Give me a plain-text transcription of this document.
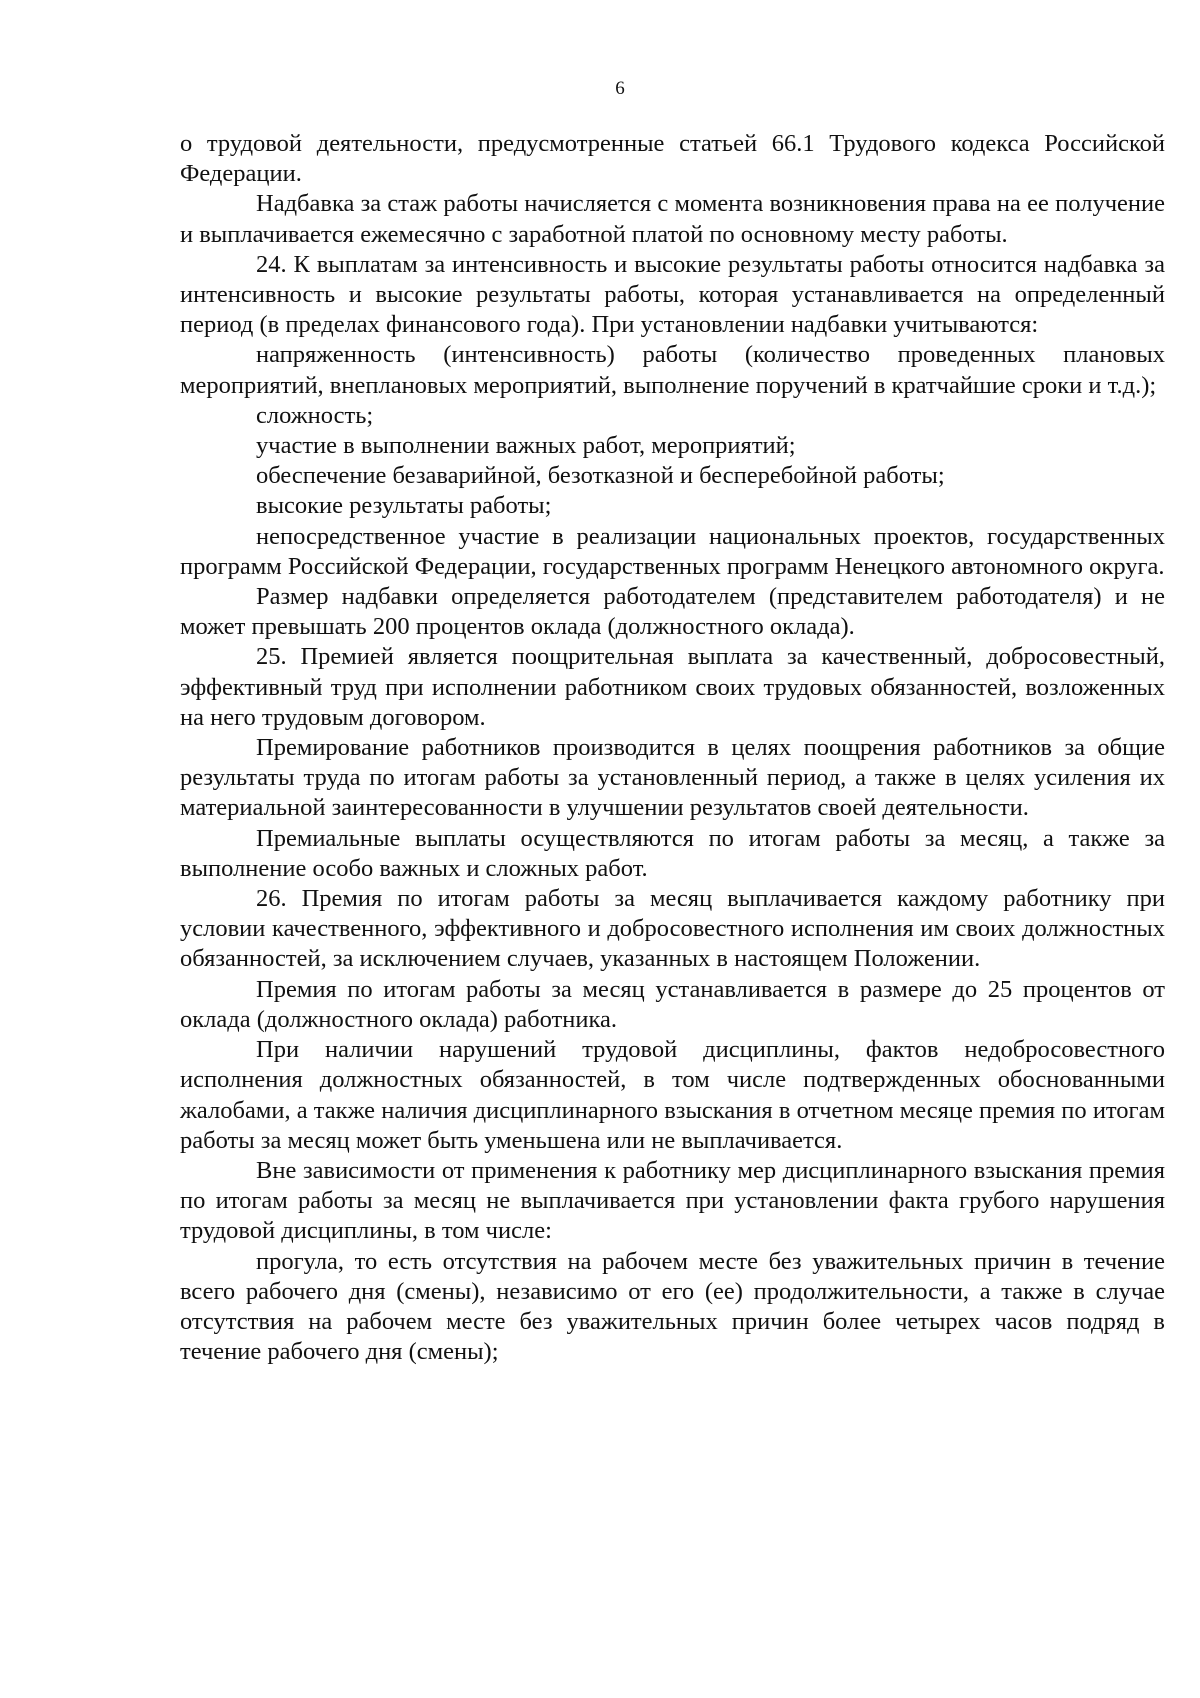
6

о трудовой деятельности, предусмотренные статьей 66.1 Трудового кодекса Российской Федерации.

Надбавка за стаж работы начисляется с момента возникновения права на ее получение и выплачивается ежемесячно с заработной платой по основному месту работы.

24. К выплатам за интенсивность и высокие результаты работы относится надбавка за интенсивность и высокие результаты работы, которая устанавливается на определенный период (в пределах финансового года). При установлении надбавки учитываются:

напряженность (интенсивность) работы (количество проведенных плановых мероприятий, внеплановых мероприятий, выполнение поручений в кратчайшие сроки и т.д.);

сложность;

участие в выполнении важных работ, мероприятий;

обеспечение безаварийной, безотказной и бесперебойной работы;

высокие результаты работы;

непосредственное участие в реализации национальных проектов, государственных программ Российской Федерации, государственных программ Ненецкого автономного округа.

Размер надбавки определяется работодателем (представителем работодателя) и не может превышать 200 процентов оклада (должностного оклада).

25. Премией является поощрительная выплата за качественный, добросовестный, эффективный труд при исполнении работником своих трудовых обязанностей, возложенных на него трудовым договором.

Премирование работников производится в целях поощрения работников за общие результаты труда по итогам работы за установленный период, а также в целях усиления их материальной заинтересованности в улучшении результатов своей деятельности.

Премиальные выплаты осуществляются по итогам работы за месяц, а также за выполнение особо важных и сложных работ.

26. Премия по итогам работы за месяц выплачивается каждому работнику при условии качественного, эффективного и добросовестного исполнения им своих должностных обязанностей, за исключением случаев, указанных в настоящем Положении.

Премия по итогам работы за месяц устанавливается в размере до 25 процентов от оклада (должностного оклада) работника.

При наличии нарушений трудовой дисциплины, фактов недобросовестного исполнения должностных обязанностей, в том числе подтвержденных обоснованными жалобами, а также наличия дисциплинарного взыскания в отчетном месяце премия по итогам работы за месяц может быть уменьшена или не выплачивается.

Вне зависимости от применения к работнику мер дисциплинарного взыскания премия по итогам работы за месяц не выплачивается при установлении факта грубого нарушения трудовой дисциплины, в том числе:

прогула, то есть отсутствия на рабочем месте без уважительных причин в течение всего рабочего дня (смены), независимо от его (ее) продолжительности, а также в случае отсутствия на рабочем месте без уважительных причин более четырех часов подряд в течение рабочего дня (смены);
